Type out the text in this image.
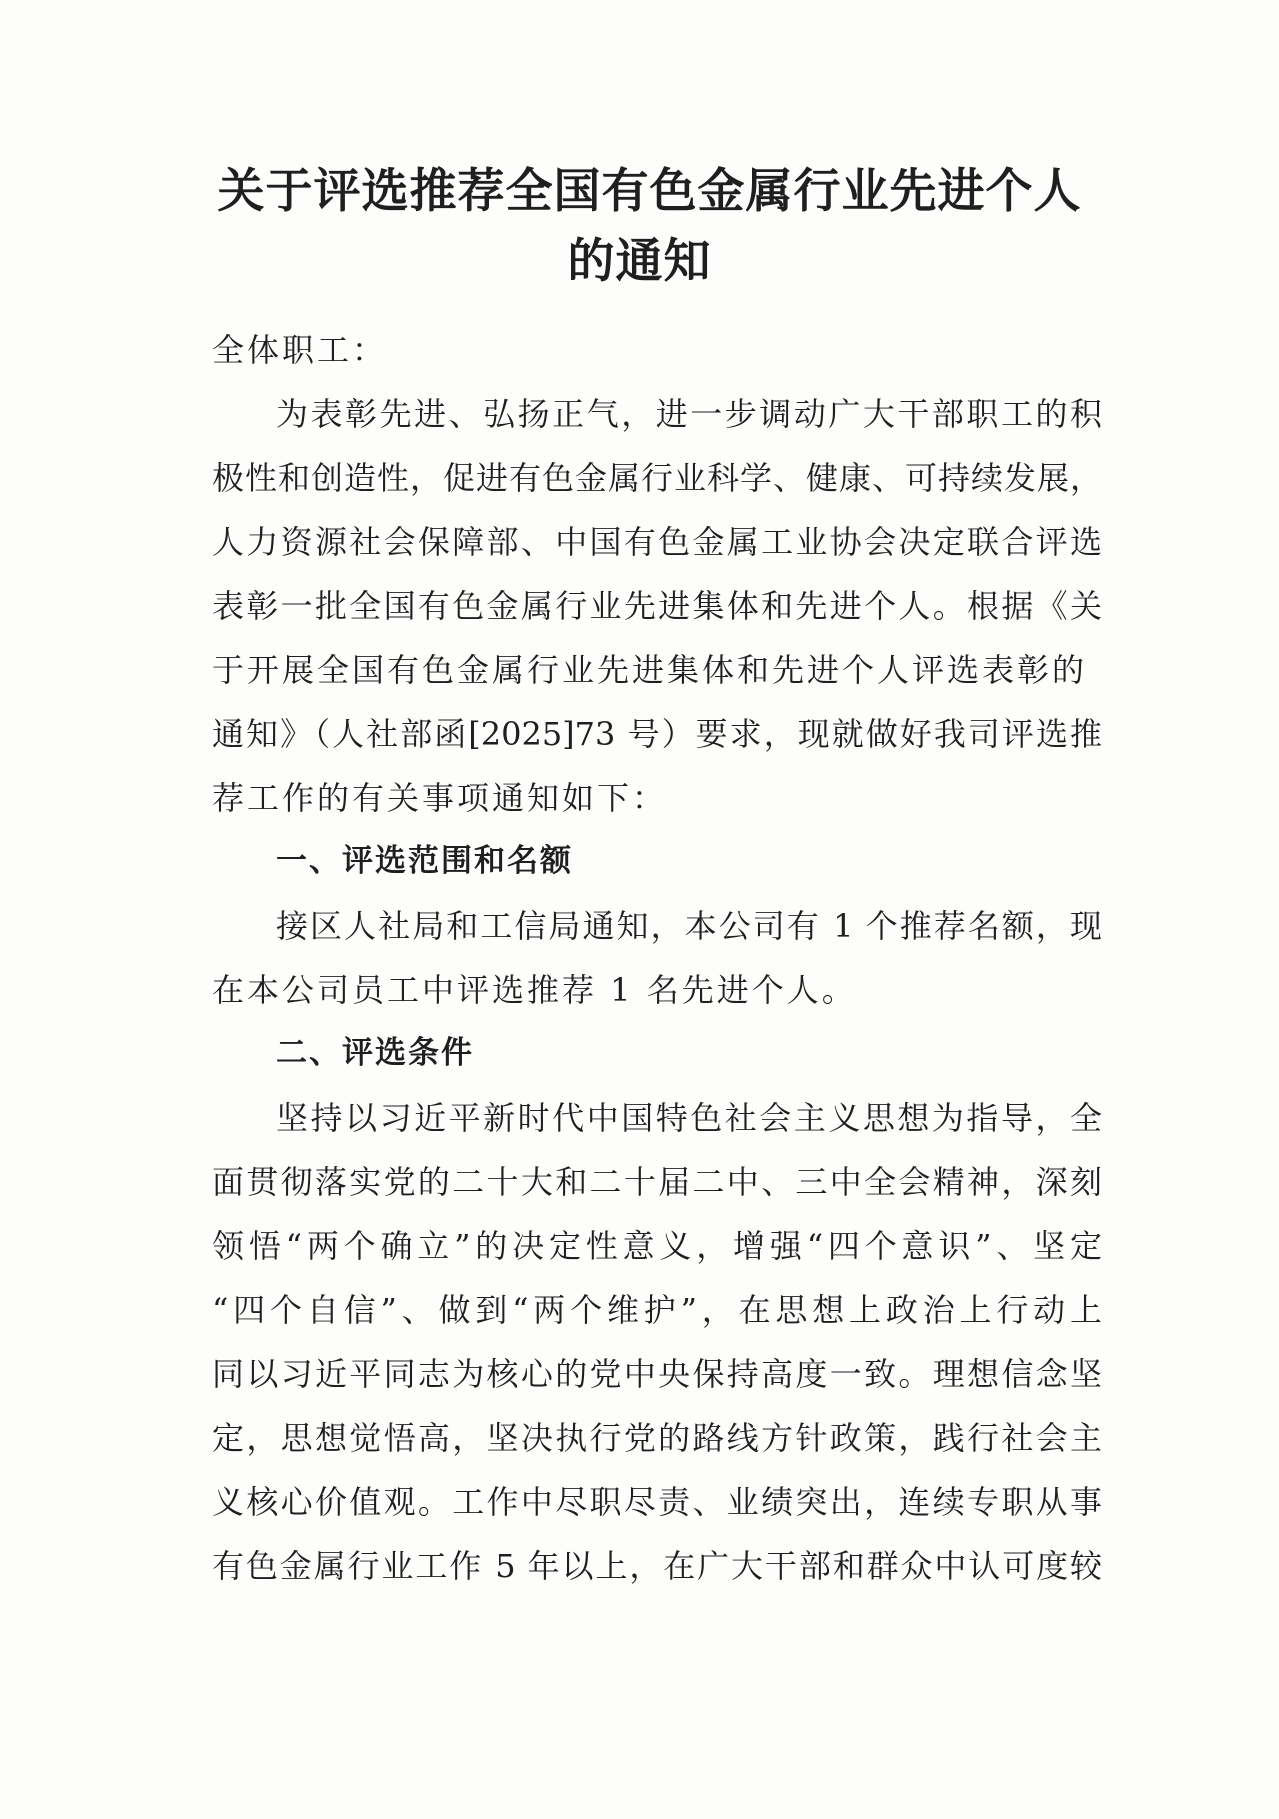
关于评选推荐全国有色金属行业先进个人
的通知
全体职工：
为表彰先进、弘扬正气，进一步调动广大干部职工的积
极性和创造性，促进有色金属行业科学、健康、可持续发展，
人力资源社会保障部、中国有色金属工业协会决定联合评选
表彰一批全国有色金属行业先进集体和先进个人。根据《关
于开展全国有色金属行业先进集体和先进个人评选表彰的
通知》（人社部函[2025]73 号）要求，现就做好我司评选推
荐工作的有关事项通知如下：
一、评选范围和名额
接区人社局和工信局通知，本公司有 1 个推荐名额，现
在本公司员工中评选推荐 1 名先进个人。
二、评选条件
坚持以习近平新时代中国特色社会主义思想为指导，全
面贯彻落实党的二十大和二十届二中、三中全会精神，深刻
领悟“两个确立”的决定性意义，增强“四个意识”、坚定
“四个自信”、做到“两个维护”，在思想上政治上行动上
同以习近平同志为核心的党中央保持高度一致。理想信念坚
定，思想觉悟高，坚决执行党的路线方针政策，践行社会主
义核心价值观。工作中尽职尽责、业绩突出，连续专职从事
有色金属行业工作 5 年以上，在广大干部和群众中认可度较
